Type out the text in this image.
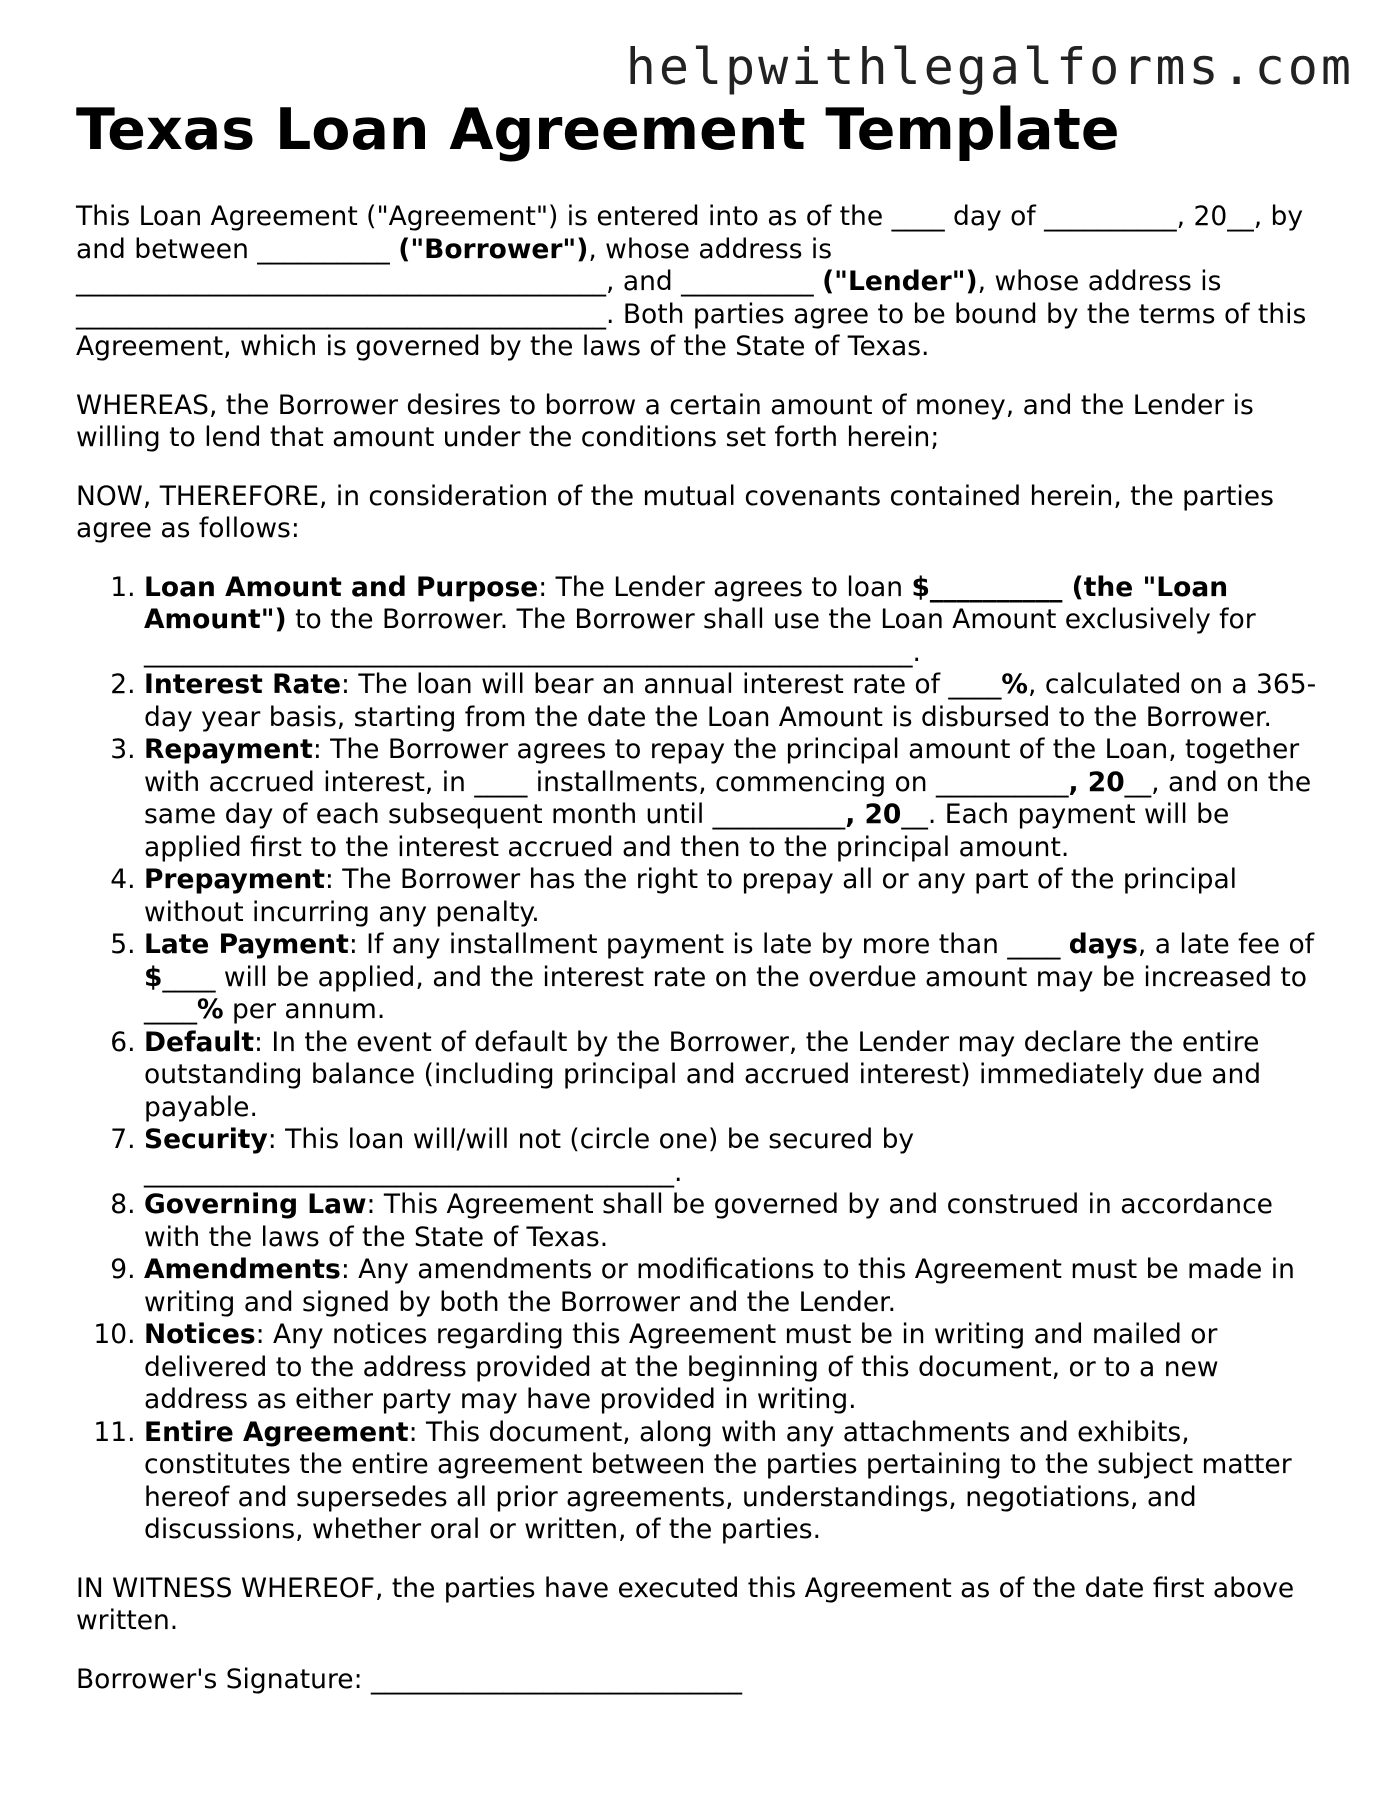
helpwithlegalforms.com
Texas Loan Agreement Template

This Loan Agreement ("Agreement") is entered into as of the ____ day of __________, 20__, by and between __________ ("Borrower"), whose address is ________________________________________, and __________ ("Lender"), whose address is ________________________________________. Both parties agree to be bound by the terms of this Agreement, which is governed by the laws of the State of Texas.

WHEREAS, the Borrower desires to borrow a certain amount of money, and the Lender is willing to lend that amount under the conditions set forth herein;

NOW, THEREFORE, in consideration of the mutual covenants contained herein, the parties agree as follows:

1. Loan Amount and Purpose: The Lender agrees to loan $__________ (the "Loan Amount") to the Borrower. The Borrower shall use the Loan Amount exclusively for __________________________________________________________.
2. Interest Rate: The loan will bear an annual interest rate of ____%, calculated on a 365-day year basis, starting from the date the Loan Amount is disbursed to the Borrower.
3. Repayment: The Borrower agrees to repay the principal amount of the Loan, together with accrued interest, in ____ installments, commencing on __________, 20__, and on the same day of each subsequent month until __________, 20__. Each payment will be applied first to the interest accrued and then to the principal amount.
4. Prepayment: The Borrower has the right to prepay all or any part of the principal without incurring any penalty.
5. Late Payment: If any installment payment is late by more than ____ days, a late fee of $____ will be applied, and the interest rate on the overdue amount may be increased to ____% per annum.
6. Default: In the event of default by the Borrower, the Lender may declare the entire outstanding balance (including principal and accrued interest) immediately due and payable.
7. Security: This loan will/will not (circle one) be secured by ________________________________________.
8. Governing Law: This Agreement shall be governed by and construed in accordance with the laws of the State of Texas.
9. Amendments: Any amendments or modifications to this Agreement must be made in writing and signed by both the Borrower and the Lender.
10. Notices: Any notices regarding this Agreement must be in writing and mailed or delivered to the address provided at the beginning of this document, or to a new address as either party may have provided in writing.
11. Entire Agreement: This document, along with any attachments and exhibits, constitutes the entire agreement between the parties pertaining to the subject matter hereof and supersedes all prior agreements, understandings, negotiations, and discussions, whether oral or written, of the parties.

IN WITNESS WHEREOF, the parties have executed this Agreement as of the date first above written.

Borrower's Signature: ____________________________
